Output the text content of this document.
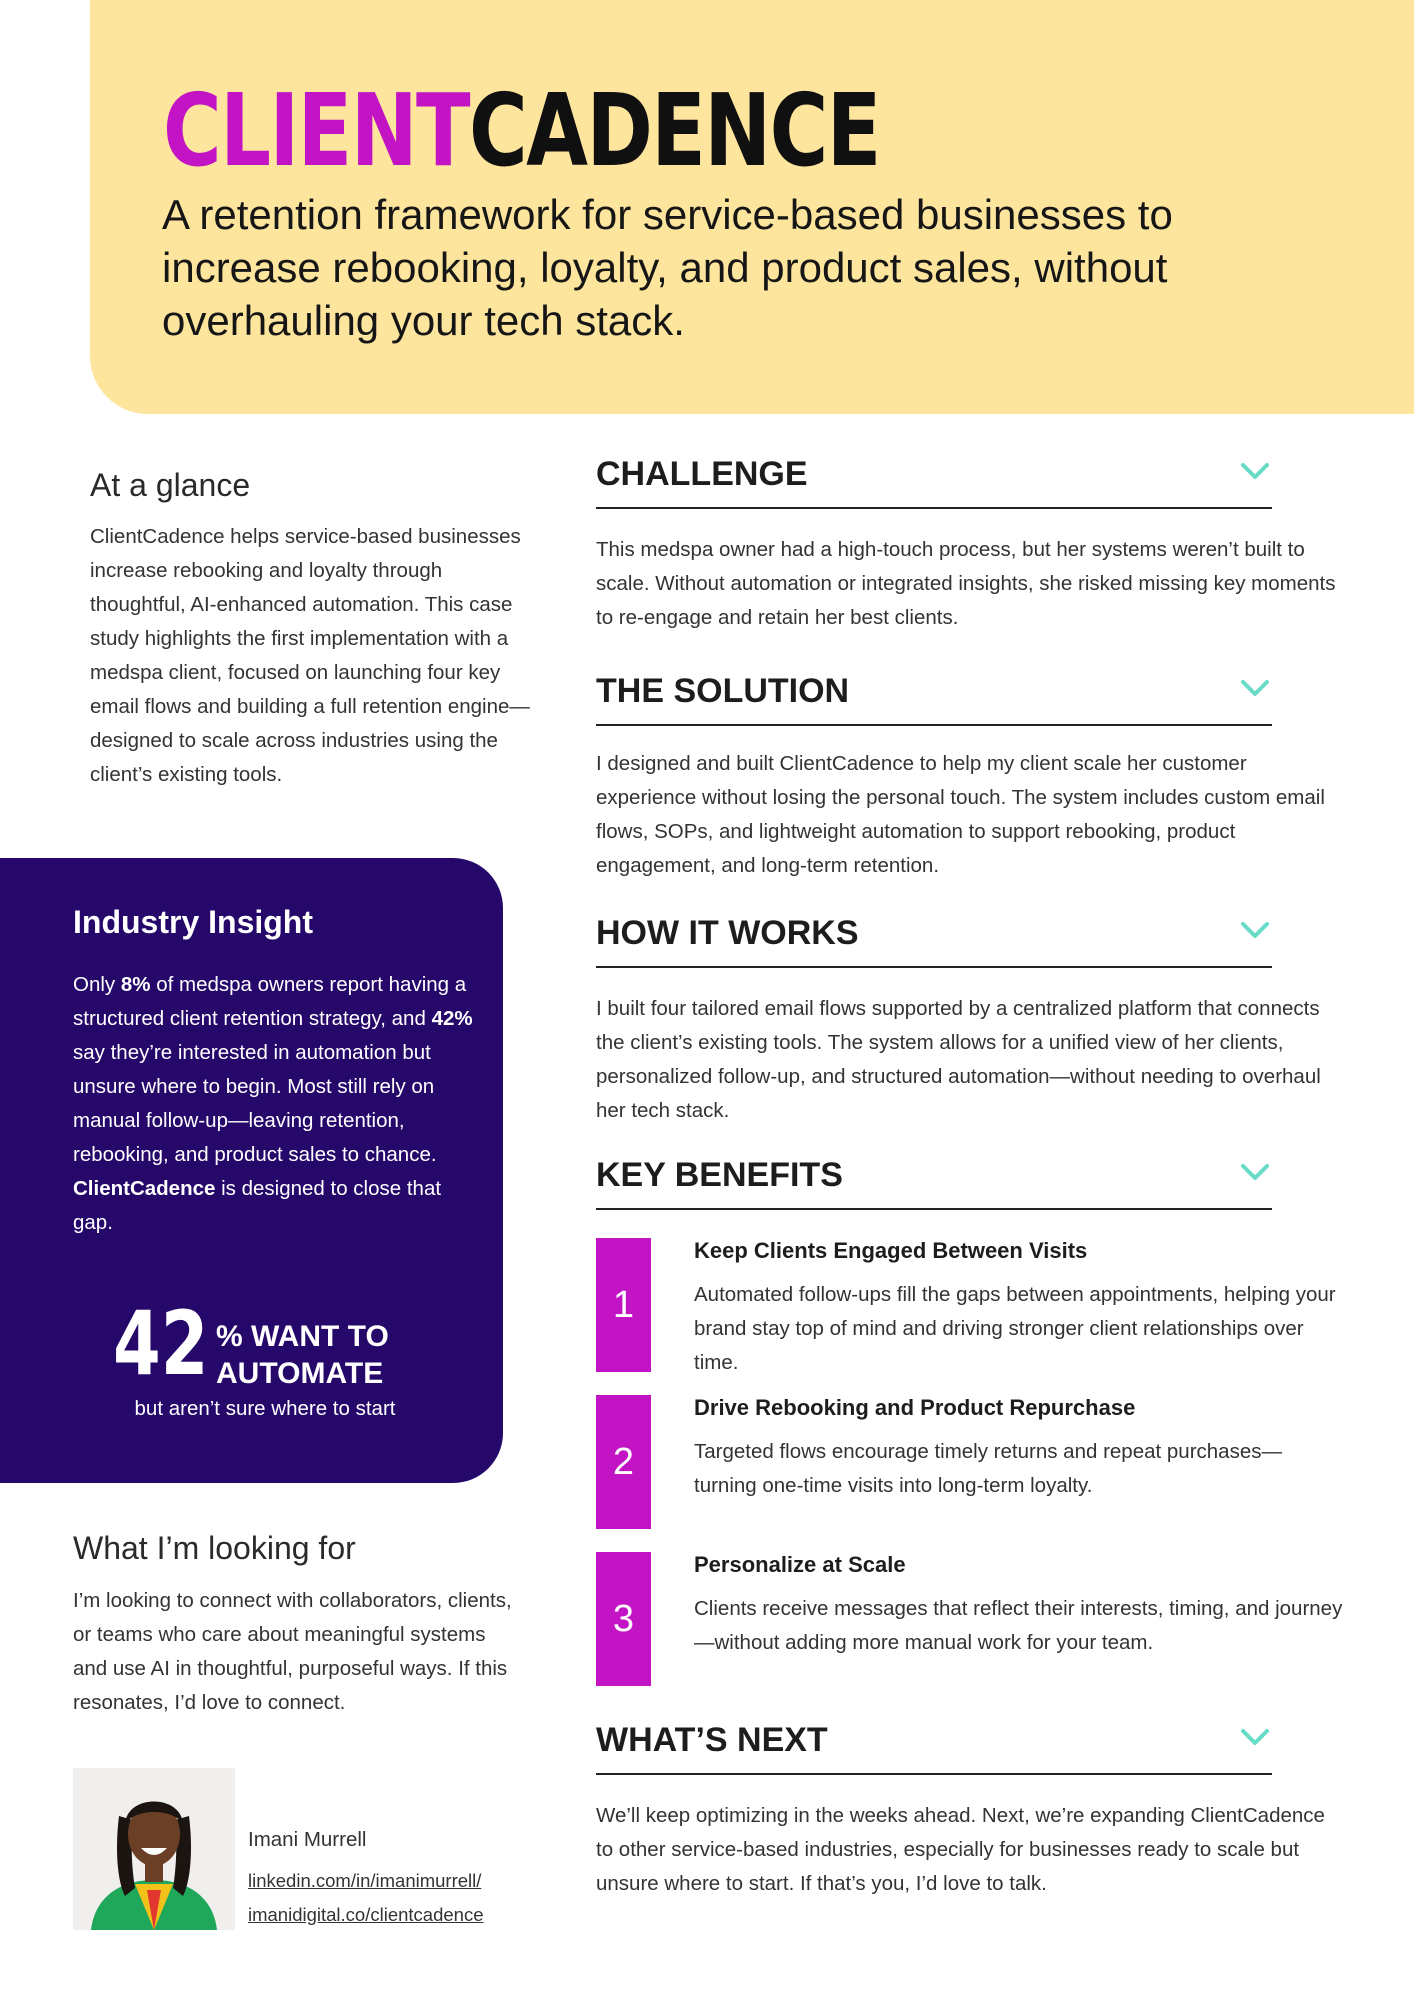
CLIENTCADENCE

A retention framework for service-based businesses to increase rebooking, loyalty, and product sales, without overhauling your tech stack.

At a glance

ClientCadence helps service-based businesses increase rebooking and loyalty through thoughtful, AI-enhanced automation. This case study highlights the first implementation with a medspa client, focused on launching four key email flows and building a full retention engine—designed to scale across industries using the client’s existing tools.

Industry Insight

Only 8% of medspa owners report having a structured client retention strategy, and 42% say they’re interested in automation but unsure where to begin. Most still rely on manual follow-up—leaving retention, rebooking, and product sales to chance. ClientCadence is designed to close that gap.

42 % WANT TO
AUTOMATE
but aren’t sure where to start
What I’m looking for

I’m looking to connect with collaborators, clients, or teams who care about meaningful systems and use AI in thoughtful, purposeful ways. If this resonates, I’d love to connect.

Imani Murrell
linkedin.com/in/imanimurrell/
imanidigital.co/clientcadence
CHALLENGE

This medspa owner had a high-touch process, but her systems weren’t built to scale. Without automation or integrated insights, she risked missing key moments to re-engage and retain her best clients.

THE SOLUTION

I designed and built ClientCadence to help my client scale her customer experience without losing the personal touch. The system includes custom email flows, SOPs, and lightweight automation to support rebooking, product engagement, and long-term retention.

HOW IT WORKS

I built four tailored email flows supported by a centralized platform that connects the client’s existing tools. The system allows for a unified view of her clients, personalized follow-up, and structured automation—without needing to overhaul her tech stack.

KEY BENEFITS
1
Keep Clients Engaged Between Visits

Automated follow-ups fill the gaps between appointments, helping your brand stay top of mind and driving stronger client relationships over time.

2
Drive Rebooking and Product Repurchase

Targeted flows encourage timely returns and repeat purchases—turning one-time visits into long-term loyalty.

3
Personalize at Scale

Clients receive messages that reflect their interests, timing, and journey—without adding more manual work for your team.

WHAT’S NEXT

We’ll keep optimizing in the weeks ahead. Next, we’re expanding ClientCadence to other service-based industries, especially for businesses ready to scale but unsure where to start. If that’s you, I’d love to talk.
